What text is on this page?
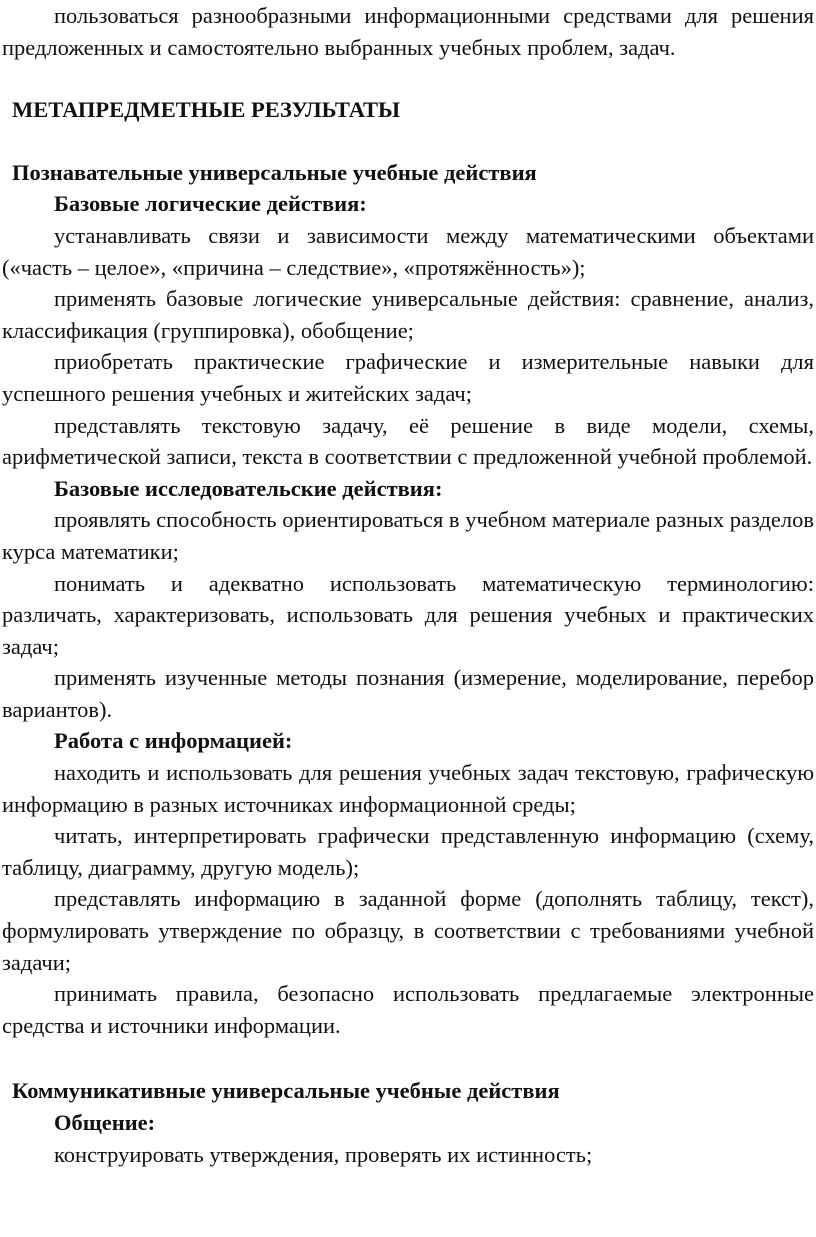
пользоваться разнообразными информационными средствами для решения предложенных и самостоятельно выбранных учебных проблем, задач.

МЕТАПРЕДМЕТНЫЕ РЕЗУЛЬТАТЫ
Познавательные универсальные учебные действия
Базовые логические действия:

устанавливать связи и зависимости между математическими объектами («часть – целое», «причина – следствие», «протяжённость»);

применять базовые логические универсальные действия: сравнение, анализ, классификация (группировка), обобщение;

приобретать практические графические и измерительные навыки для успешного решения учебных и житейских задач;

представлять текстовую задачу, её решение в виде модели, схемы, арифметической записи, текста в соответствии с предложенной учебной проблемой.

Базовые исследовательские действия:

проявлять способность ориентироваться в учебном материале разных разделов курса математики;

понимать и адекватно использовать математическую терминологию: различать, характеризовать, использовать для решения учебных и практических задач;

применять изученные методы познания (измерение, моделирование, перебор вариантов).

Работа с информацией:

находить и использовать для решения учебных задач текстовую, графическую информацию в разных источниках информационной среды;

читать, интерпретировать графически представленную информацию (схему, таблицу, диаграмму, другую модель);

представлять информацию в заданной форме (дополнять таблицу, текст), формулировать утверждение по образцу, в соответствии с требованиями учебной задачи;

принимать правила, безопасно использовать предлагаемые электронные средства и источники информации.

Коммуникативные универсальные учебные действия
Общение:

конструировать утверждения, проверять их истинность;
